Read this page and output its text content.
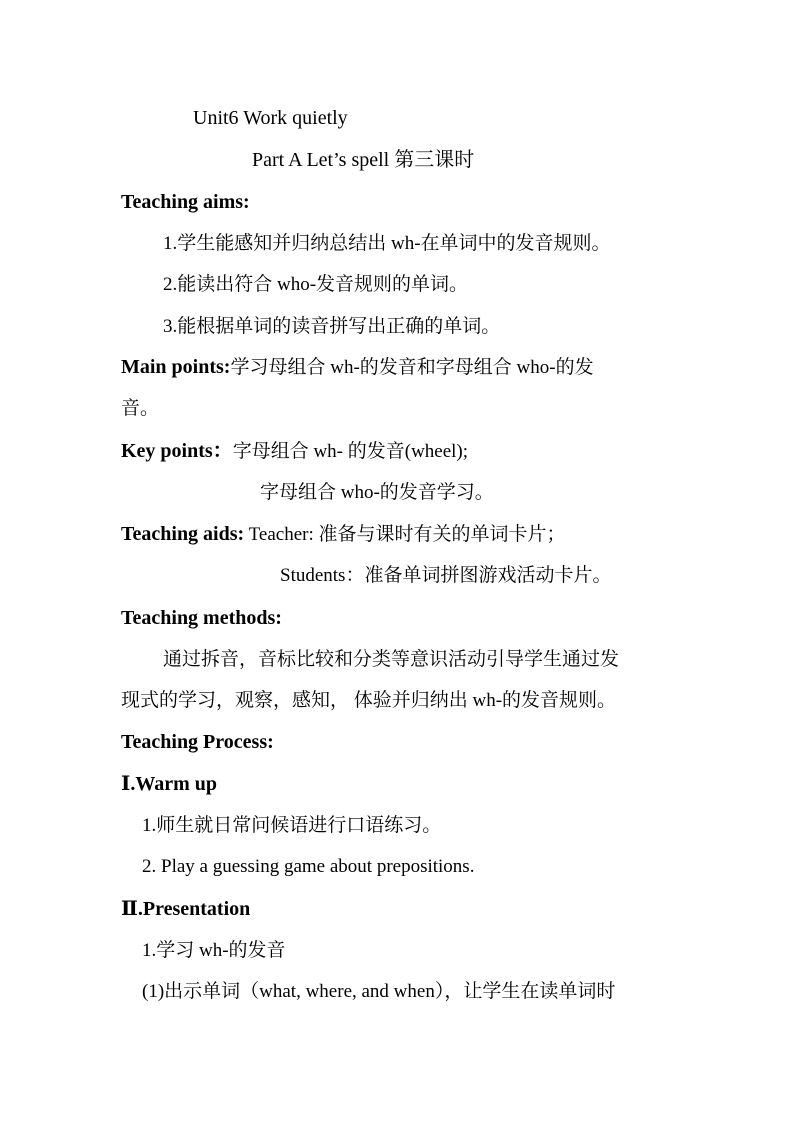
Unit6 Work quietly
Part A Let’s spell 第三课时
Teaching aims:
1.学生能感知并归纳总结出 wh-在单词中的发音规则。
2.能读出符合 who-发音规则的单词。
3.能根据单词的读音拼写出正确的单词。
Main points:学习母组合 wh-的发音和字母组合 who-的发
音。
Key points：字母组合 wh- 的发音(wheel);
字母组合 who-的发音学习。
Teaching aids: Teacher: 准备与课时有关的单词卡片；
Students：准备单词拼图游戏活动卡片。
Teaching methods:
通过拆音，音标比较和分类等意识活动引导学生通过发
现式的学习，观察，感知， 体验并归纳出 wh-的发音规则。
Teaching Process:
Ⅰ.Warm up
1.师生就日常问候语进行口语练习。
2. Play a guessing game about prepositions.
Ⅱ.Presentation
1.学习 wh-的发音
(1)出示单词（what, where, and when），让学生在读单词时
